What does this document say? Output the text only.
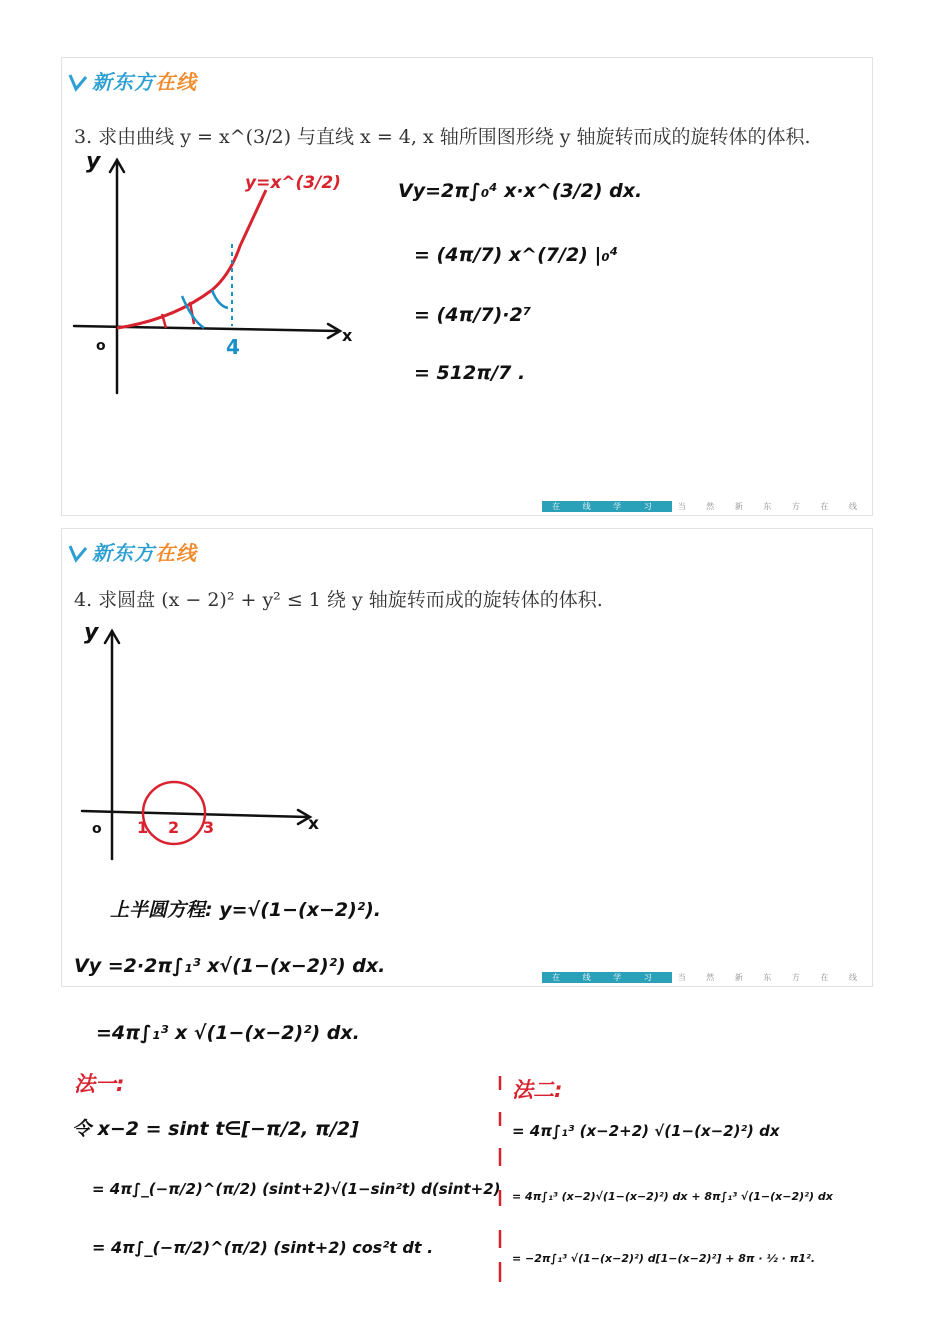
新东方在线
3. 求由曲线 y = x^(3/2) 与直线 x = 4, x 轴所围图形绕 y 轴旋转而成的旋转体的体积.
y
x
o
y=x^(3/2)
4
Vy=2π∫₀⁴ x·x^(3/2) dx.
= (4π/7) x^(7/2) |₀⁴
= (4π/7)·2⁷
= 512π/7 .
在 线 学 习 当 然 新 东 方 在 线
新东方在线
4. 求圆盘 (x − 2)² + y² ≤ 1 绕 y 轴旋转而成的旋转体的体积.
y
x
o 1 2 3
上半圆方程: y=√(1−(x−2)²).
Vy =2·2π∫₁³ x√(1−(x−2)²) dx.
在 线 学 习 当 然 新 东 方 在 线
=4π∫₁³ x √(1−(x−2)²) dx.
法一:
令 x−2 = sint t∈[−π/2, π/2]
= 4π∫_(−π/2)^(π/2) (sint+2)√(1−sin²t) d(sint+2)
= 4π∫_(−π/2)^(π/2) (sint+2) cos²t dt .
法二:
= 4π∫₁³ (x−2+2) √(1−(x−2)²) dx
= 4π∫₁³ (x−2)√(1−(x−2)²) dx + 8π∫₁³ √(1−(x−2)²) dx
= −2π∫₁³ √(1−(x−2)²) d[1−(x−2)²] + 8π · ½ · π1².
